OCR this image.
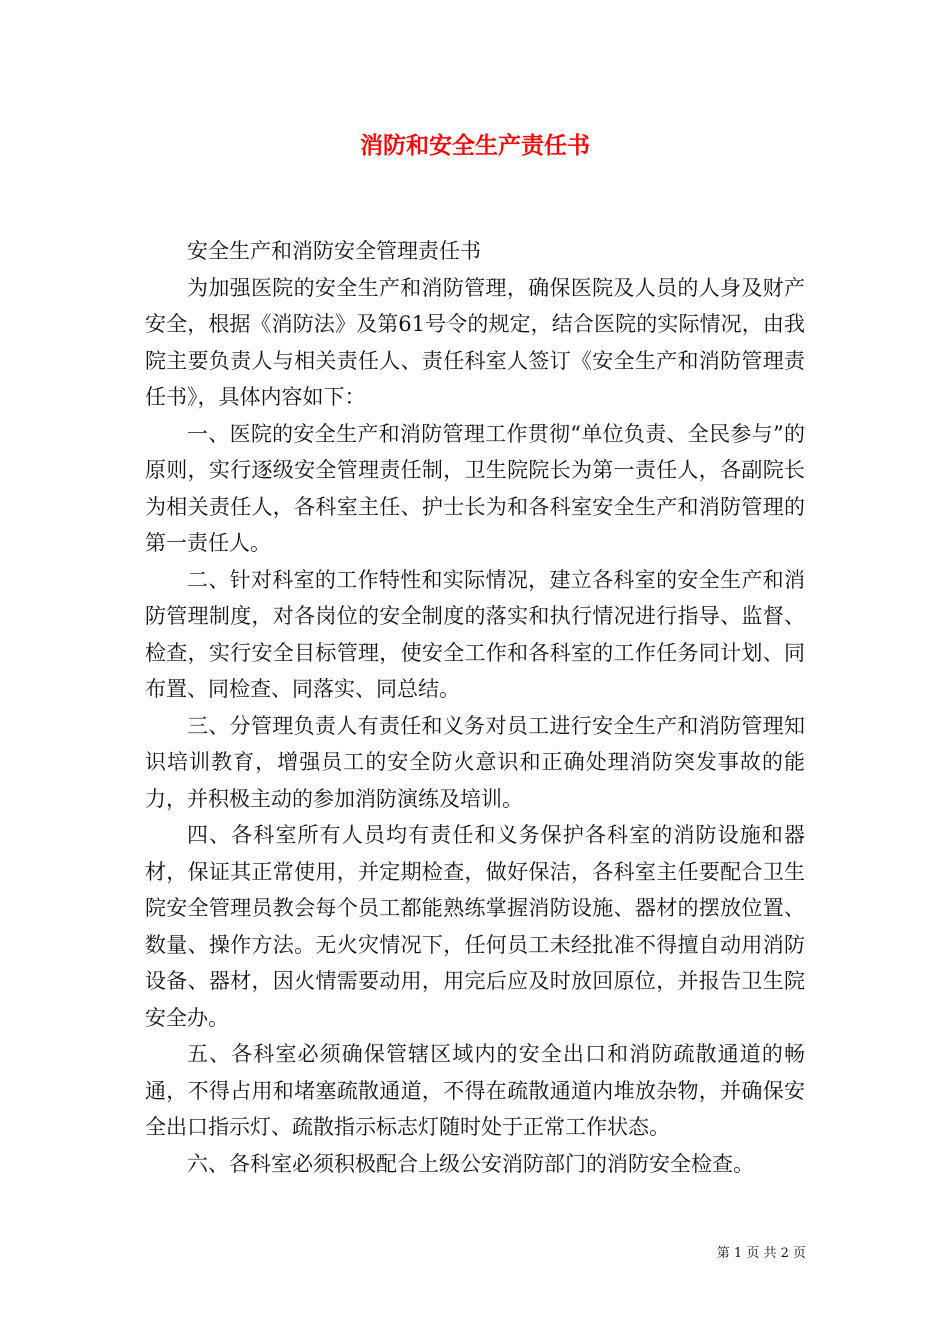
消防和安全生产责任书

安全生产和消防安全管理责任书

为加强医院的安全生产和消防管理，确保医院及人员的人身及财产安全，根据《消防法》及第61号令的规定，结合医院的实际情况，由我院主要负责人与相关责任人、责任科室人签订《安全生产和消防管理责任书》，具体内容如下：

一、医院的安全生产和消防管理工作贯彻“单位负责、全民参与”的原则，实行逐级安全管理责任制，卫生院院长为第一责任人，各副院长为相关责任人，各科室主任、护士长为和各科室安全生产和消防管理的第一责任人。

二、针对科室的工作特性和实际情况，建立各科室的安全生产和消防管理制度，对各岗位的安全制度的落实和执行情况进行指导、监督、检查，实行安全目标管理，使安全工作和各科室的工作任务同计划、同布置、同检查、同落实、同总结。

三、分管理负责人有责任和义务对员工进行安全生产和消防管理知识培训教育，增强员工的安全防火意识和正确处理消防突发事故的能力，并积极主动的参加消防演练及培训。

四、各科室所有人员均有责任和义务保护各科室的消防设施和器材，保证其正常使用，并定期检查，做好保洁，各科室主任要配合卫生院安全管理员教会每个员工都能熟练掌握消防设施、器材的摆放位置、数量、操作方法。无火灾情况下，任何员工未经批准不得擅自动用消防设备、器材，因火情需要动用，用完后应及时放回原位，并报告卫生院安全办。

五、各科室必须确保管辖区域内的安全出口和消防疏散通道的畅通，不得占用和堵塞疏散通道，不得在疏散通道内堆放杂物，并确保安全出口指示灯、疏散指示标志灯随时处于正常工作状态。

六、各科室必须积极配合上级公安消防部门的消防安全检查。

第 1 页 共 2 页
